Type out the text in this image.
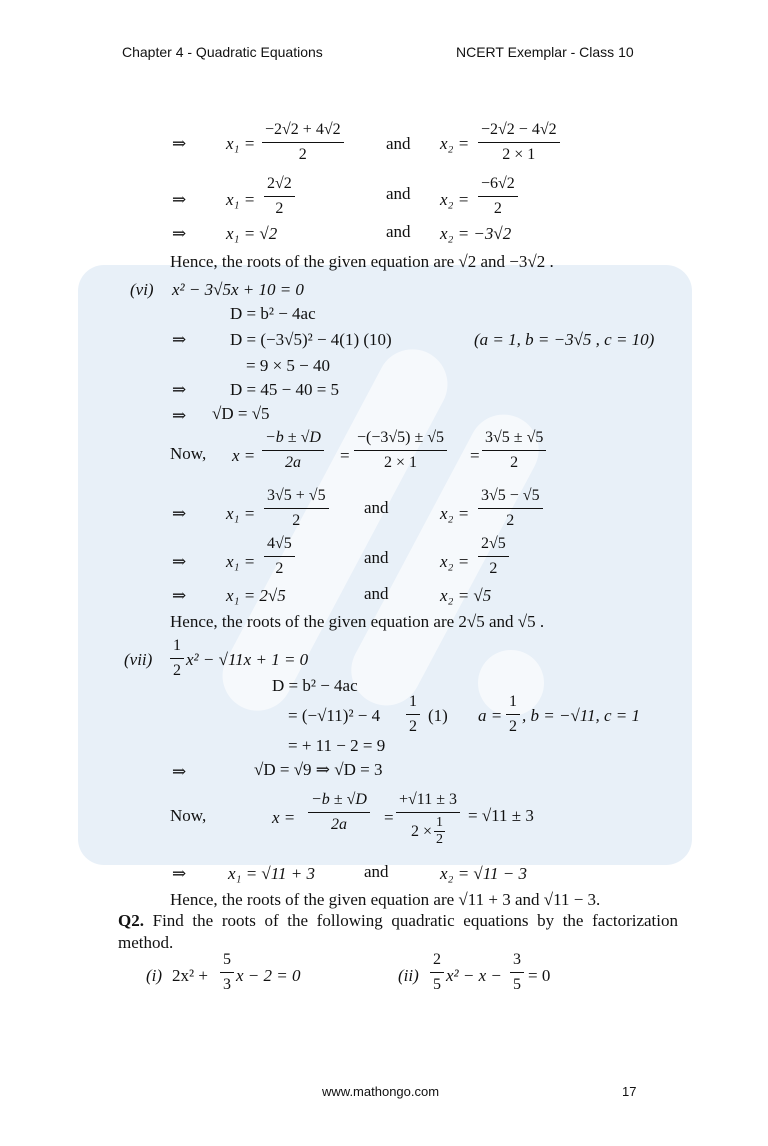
Chapter 4 - Quadratic Equations	NCERT Exemplar - Class 10
⇒ $x_1 = \frac{-2√2 + 4√2}{2}$ and $x_2 = \frac{-2√2 - 4√2}{2 \times 1}$
⇒ $x_1 = \frac{2√2}{2}$	and $x_2 = \frac{-6√2}{2}$
⇒ x₁ = √2	and x₂ = −3√2
Hence, the roots of the given equation are √2 and −3√2 .
(vi) x² − 3√5x + 10 = 0
D = b² − 4ac
⇒	D = (−3√5)² − 4(1) (10)	(a = 1, b = −3√5 , c = 10)
= 9 × 5 − 40
⇒	D = 45 − 40 = 5
⇒ √D = √5
Now, $x = \frac{-b \pm √D}{2a} = \frac{-(-3√5) \pm √5}{2 \times 1} = \frac{3√5 \pm √5}{2}$
⇒ $x_1 = \frac{3√5 + √5}{2}$ and	$x_2 = \frac{3√5 - √5}{2}$
⇒ $x_1 = \frac{4√5}{2}$	and	$x_2 = \frac{2√5}{2}$
⇒ x₁ = 2√5	and	x₂ = √5
Hence, the roots of the given equation are 2√5 and √5 .
$(vii) \frac{1}{2} x^2 - √11x + 1 = 0$
D = b² − 4ac
= $(-√11)^2 - 4 \frac{1}{2} (1) a = \frac{1}{2}$ , b = −√11, c = 1
= + 11 − 2 = 9
⇒	√D = √9 ⇒ √D = 3
Now,	$x = \frac{-b \pm √D}{2a} = \frac{+√11 \pm 3}{2 \times \frac{1}{2}} = √11 \pm 3$
⇒ x₁ = √11 + 3	and	x₂ = √11 − 3
Hence, the roots of the given equation are √11 + 3 and √11 − 3.
Q2. Find the roots of the following quadratic equations by the factorization method.
(i) $2x^2 + \frac{5}{3}$ x − 2 = 0	$(ii) \frac{2}{5} x^2 - x - \frac{3}{5} = 0$
www.mathongo.com	17
